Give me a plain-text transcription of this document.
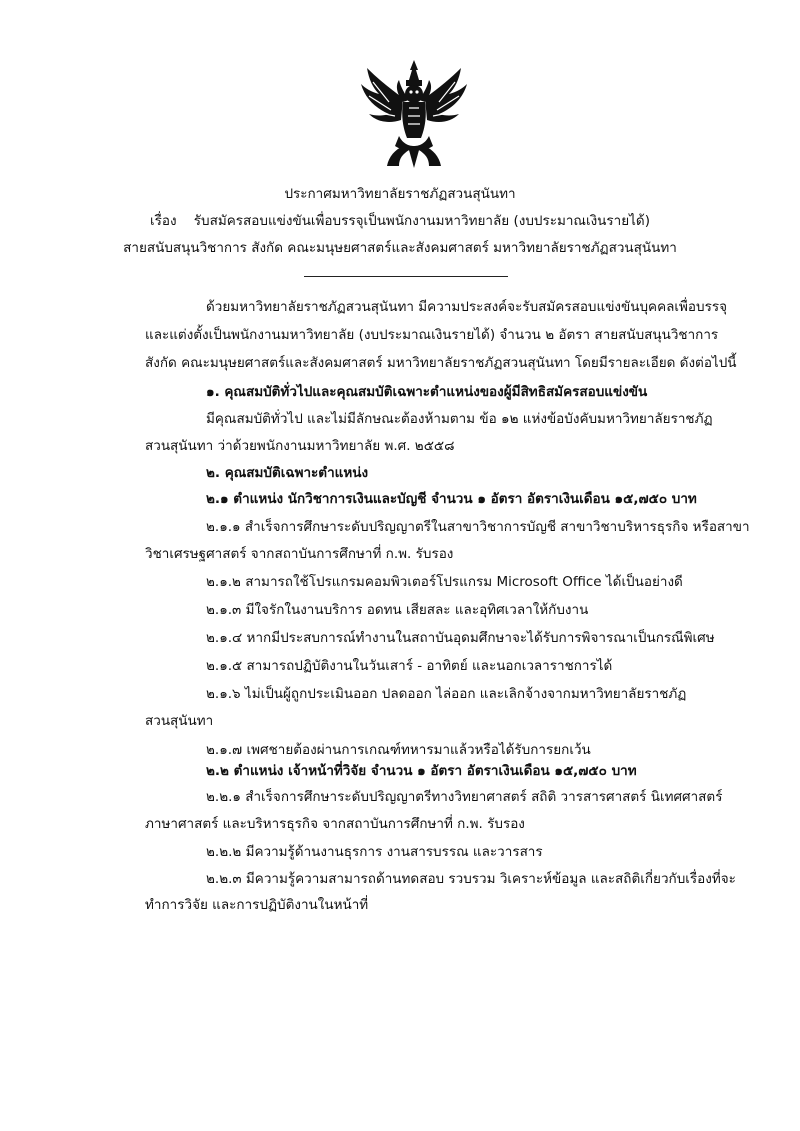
ประกาศมหาวิทยาลัยราชภัฏสวนสุนันทา
เรื่อง รับสมัครสอบแข่งขันเพื่อบรรจุเป็นพนักงานมหาวิทยาลัย (งบประมาณเงินรายได้)
สายสนับสนุนวิชาการ สังกัด คณะมนุษยศาสตร์และสังคมศาสตร์ มหาวิทยาลัยราชภัฏสวนสุนันทา
ด้วยมหาวิทยาลัยราชภัฏสวนสุนันทา มีความประสงค์จะรับสมัครสอบแข่งขันบุคคลเพื่อบรรจุ
และแต่งตั้งเป็นพนักงานมหาวิทยาลัย (งบประมาณเงินรายได้) จำนวน ๒ อัตรา สายสนับสนุนวิชาการ
สังกัด คณะมนุษยศาสตร์และสังคมศาสตร์ มหาวิทยาลัยราชภัฏสวนสุนันทา โดยมีรายละเอียด ดังต่อไปนี้
๑. คุณสมบัติทั่วไปและคุณสมบัติเฉพาะตำแหน่งของผู้มีสิทธิสมัครสอบแข่งขัน
มีคุณสมบัติทั่วไป และไม่มีลักษณะต้องห้ามตาม ข้อ ๑๒ แห่งข้อบังคับมหาวิทยาลัยราชภัฏ
สวนสุนันทา ว่าด้วยพนักงานมหาวิทยาลัย พ.ศ. ๒๕๕๘
๒. คุณสมบัติเฉพาะตำแหน่ง
๒.๑ ตำแหน่ง นักวิชาการเงินและบัญชี จำนวน ๑ อัตรา อัตราเงินเดือน ๑๕,๗๕๐ บาท
๒.๑.๑ สำเร็จการศึกษาระดับปริญญาตรีในสาขาวิชาการบัญชี สาขาวิชาบริหารธุรกิจ หรือสาขา
วิชาเศรษฐศาสตร์ จากสถาบันการศึกษาที่ ก.พ. รับรอง
๒.๑.๒ สามารถใช้โปรแกรมคอมพิวเตอร์โปรแกรม Microsoft Office ได้เป็นอย่างดี
๒.๑.๓ มีใจรักในงานบริการ อดทน เสียสละ และอุทิศเวลาให้กับงาน
๒.๑.๔ หากมีประสบการณ์ทำงานในสถาบันอุดมศึกษาจะได้รับการพิจารณาเป็นกรณีพิเศษ
๒.๑.๕ สามารถปฏิบัติงานในวันเสาร์ - อาทิตย์ และนอกเวลาราชการได้
๒.๑.๖ ไม่เป็นผู้ถูกประเมินออก ปลดออก ไล่ออก และเลิกจ้างจากมหาวิทยาลัยราชภัฏ
สวนสุนันทา
๒.๑.๗ เพศชายต้องผ่านการเกณฑ์ทหารมาแล้วหรือได้รับการยกเว้น
๒.๒ ตำแหน่ง เจ้าหน้าที่วิจัย จำนวน ๑ อัตรา อัตราเงินเดือน ๑๕,๗๕๐ บาท
๒.๒.๑ สำเร็จการศึกษาระดับปริญญาตรีทางวิทยาศาสตร์ สถิติ วารสารศาสตร์ นิเทศศาสตร์
ภาษาศาสตร์ และบริหารธุรกิจ จากสถาบันการศึกษาที่ ก.พ. รับรอง
๒.๒.๒ มีความรู้ด้านงานธุรการ งานสารบรรณ และวารสาร
๒.๒.๓ มีความรู้ความสามารถด้านทดสอบ รวบรวม วิเคราะห์ข้อมูล และสถิติเกี่ยวกับเรื่องที่จะ
ทำการวิจัย และการปฏิบัติงานในหน้าที่
